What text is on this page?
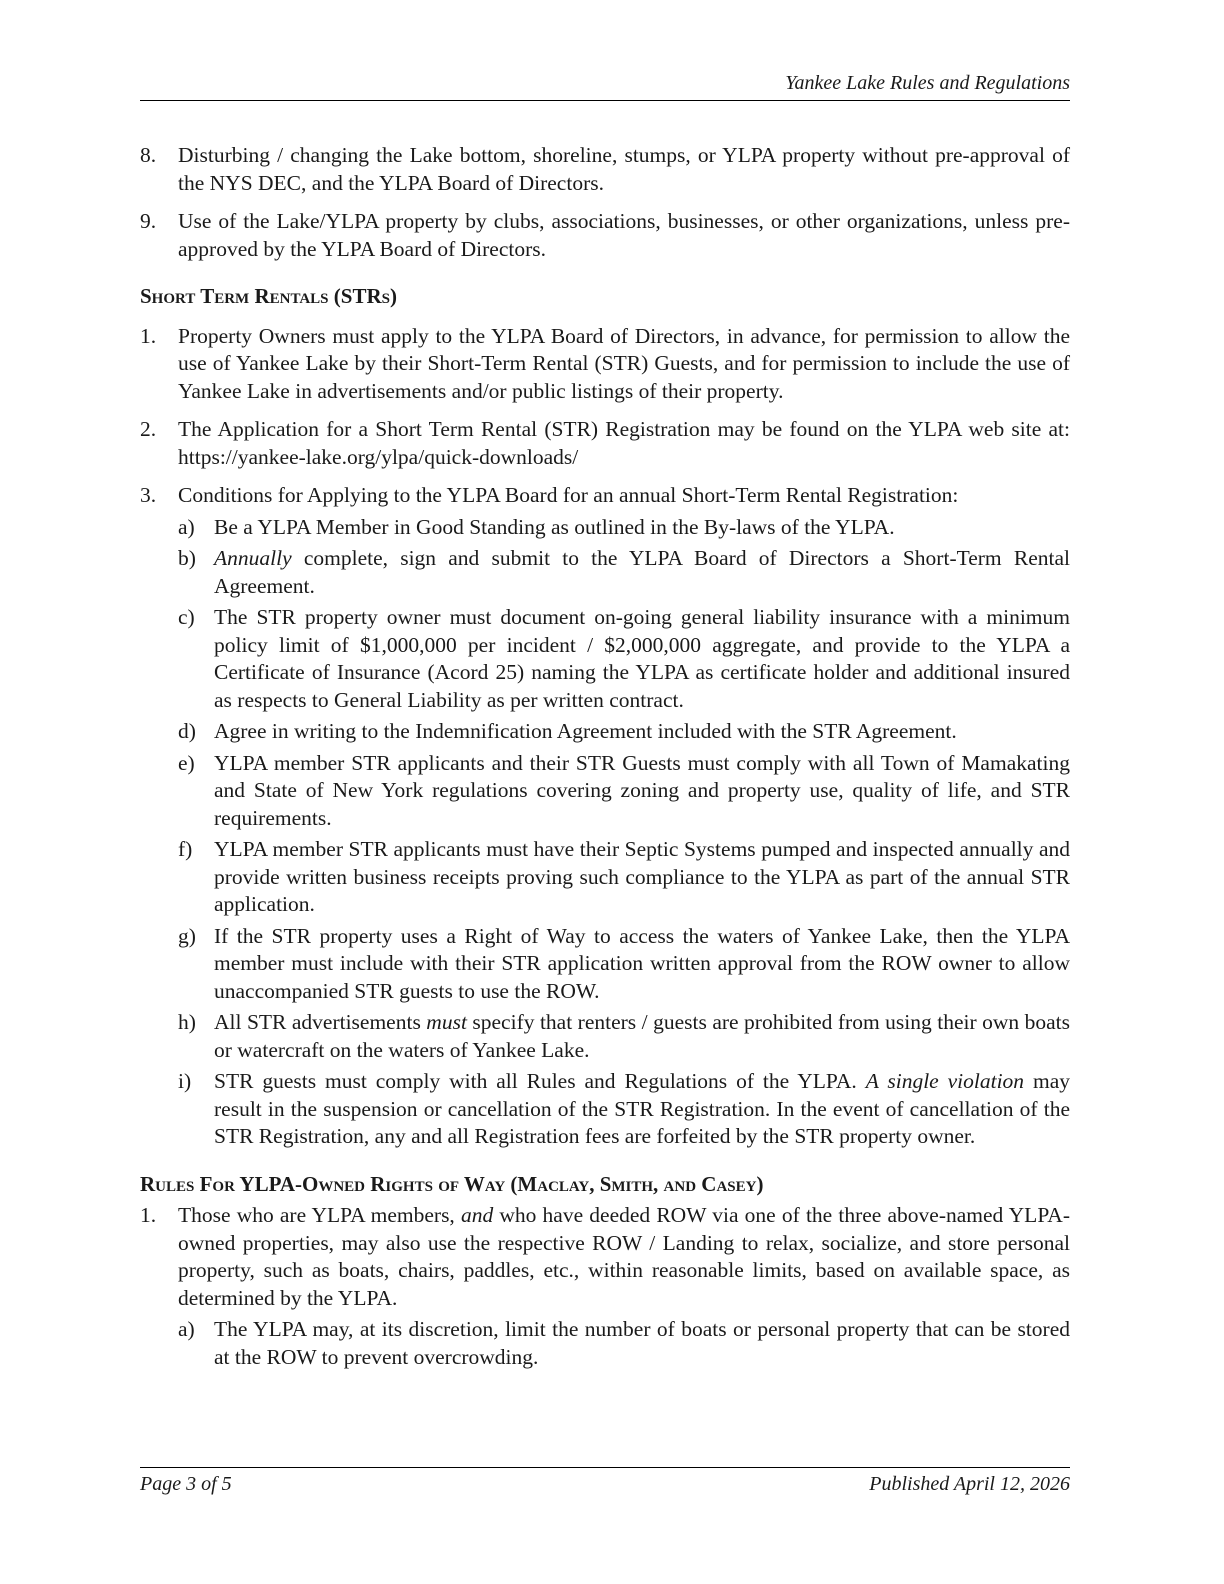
Yankee Lake Rules and Regulations
8.	Disturbing / changing the Lake bottom, shoreline, stumps, or YLPA property without pre-approval of the NYS DEC, and the YLPA Board of Directors.
9.	Use of the Lake/YLPA property by clubs, associations, businesses, or other organizations, unless pre-approved by the YLPA Board of Directors.
Short Term Rentals (STRs)
1.	Property Owners must apply to the YLPA Board of Directors, in advance, for permission to allow the use of Yankee Lake by their Short-Term Rental (STR) Guests, and for permission to include the use of Yankee Lake in advertisements and/or public listings of their property.
2.	The Application for a Short Term Rental (STR) Registration may be found on the YLPA web site at: https://yankee-lake.org/ylpa/quick-downloads/
3.	Conditions for Applying to the YLPA Board for an annual Short-Term Rental Registration:
a) Be a YLPA Member in Good Standing as outlined in the By-laws of the YLPA.
b) Annually complete, sign and submit to the YLPA Board of Directors a Short-Term Rental Agreement.
c) The STR property owner must document on-going general liability insurance with a minimum policy limit of $1,000,000 per incident / $2,000,000 aggregate, and provide to the YLPA a Certificate of Insurance (Acord 25) naming the YLPA as certificate holder and additional insured as respects to General Liability as per written contract.
d) Agree in writing to the Indemnification Agreement included with the STR Agreement.
e) YLPA member STR applicants and their STR Guests must comply with all Town of Mamakating and State of New York regulations covering zoning and property use, quality of life, and STR requirements.
f)	YLPA member STR applicants must have their Septic Systems pumped and inspected annually and provide written business receipts proving such compliance to the YLPA as part of the annual STR application.
g) If the STR property uses a Right of Way to access the waters of Yankee Lake, then the YLPA member must include with their STR application written approval from the ROW owner to allow unaccompanied STR guests to use the ROW.
h) All STR advertisements must specify that renters / guests are prohibited from using their own boats or watercraft on the waters of Yankee Lake.
i)	STR guests must comply with all Rules and Regulations of the YLPA. A single violation may result in the suspension or cancellation of the STR Registration. In the event of cancellation of the STR Registration, any and all Registration fees are forfeited by the STR property owner.
Rules For YLPA-Owned Rights of Way (Maclay, Smith, and Casey)
1.	Those who are YLPA members, and who have deeded ROW via one of the three above-named YLPA-owned properties, may also use the respective ROW / Landing to relax, socialize, and store personal property, such as boats, chairs, paddles, etc., within reasonable limits, based on available space, as determined by the YLPA.
a) The YLPA may, at its discretion, limit the number of boats or personal property that can be stored at the ROW to prevent overcrowding.
Page 3 of 5	Published April 12, 2026
